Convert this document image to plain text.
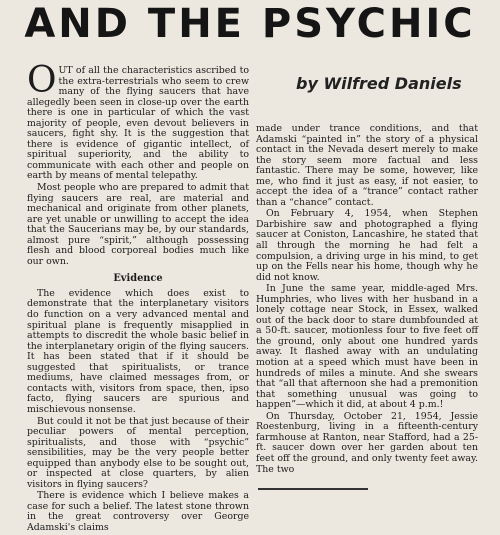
AND THE PSYCHIC
by Wilfred Daniels

OUT of all the characteristics ascribed to the extra-terrestrials who seem to crew many of the flying saucers that have allegedly been seen in close-up over the earth there is one in particular of which the vast majority of people, even devout believers in saucers, fight shy. It is the suggestion that there is evidence of gigantic intellect, of spiritual superiority, and the ability to communicate with each other and people on earth by means of mental telepathy.

Most people who are prepared to admit that flying saucers are real, are material and mechanical and originate from other planets, are yet unable or unwilling to accept the idea that the Saucerians may be, by our standards, almost pure “spirit,” although possessing flesh and blood corporeal bodies much like our own.

Evidence

The evidence which does exist to demonstrate that the interplanetary visitors do function on a very advanced mental and spiritual plane is frequently misapplied in attempts to discredit the whole basic belief in the interplanetary origin of the flying saucers. It has been stated that if it should be suggested that spiritualists, or trance mediums, have claimed messages from, or contacts with, visitors from space, then, ipso facto, flying saucers are spurious and mischievous nonsense.

But could it not be that just because of their peculiar powers of mental perception, spiritualists, and those with “psychic” sensibilities, may be the very people better equipped than anybody else to be sought out, or inspected at close quarters, by alien visitors in flying saucers?

There is evidence which I believe makes a case for such a belief. The latest stone thrown in the great controversy over George Adamski's claims

made under trance conditions, and that Adamski “painted in” the story of a physical contact in the Nevada desert merely to make the story seem more factual and less fantastic. There may be some, however, like me, who find it just as easy, if not easier, to accept the idea of a “trance” contact rather than a “chance” contact.

On February 4, 1954, when Stephen Darbishire saw and photographed a flying saucer at Coniston, Lancashire, he stated that all through the morning he had felt a compulsion, a driving urge in his mind, to get up on the Fells near his home, though why he did not know.

In June the same year, middle-aged Mrs. Humphries, who lives with her husband in a lonely cottage near Stock, in Essex, walked out of the back door to stare dumbfounded at a 50-ft. saucer, motionless four to five feet off the ground, only about one hundred yards away. It flashed away with an undulating motion at a speed which must have been in hundreds of miles a minute. And she swears that “all that afternoon she had a premonition that something unusual was going to happen”—which it did, at about 4 p.m.!

On Thursday, October 21, 1954, Jessie Roestenburg, living in a fifteenth-century farmhouse at Ranton, near Stafford, had a 25-ft. saucer down over her garden about ten feet off the ground, and only twenty feet away. The two
